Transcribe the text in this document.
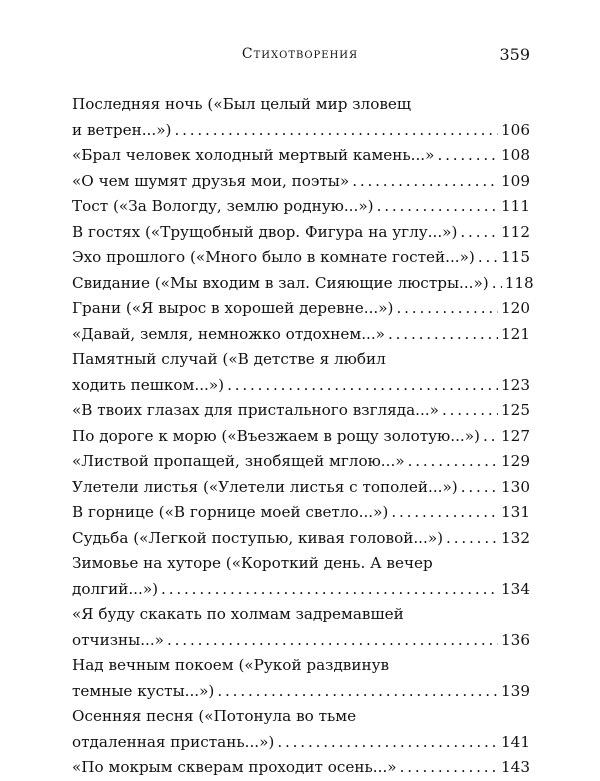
Стихотворения	359
Последняя ночь («Был целый мир зловещ
и ветрен...») . . .	106
«Брал человек холодный мертвый камень...» . . .	108
«О чем шумят друзья мои, поэты» . . .	109
Тост («За Вологду, землю родную...») . . .	111
В гостях («Трущобный двор. Фигура на углу...») . . .	112
Эхо прошлого («Много было в комнате гостей...») . . . 115
Свидание («Мы входим в зал. Сияющие люстры...») . . . 118
Грани («Я вырос в хорошей деревне...») . . .	120
«Давай, земля, немножко отдохнем...» . . .	121
Памятный случай («В детстве я любил
ходить пешком...») . . .	123
«В твоих глазах для пристального взгляда...» . . .	125
По дороге к морю («Въезжаем в рощу золотую...») . . . 127
«Листвой пропащей, знобящей мглою...» . . .	129
Улетели листья («Улетели листья с тополей...») . . .	130
В горнице («В горнице моей светло...») . . .	131
Судьба («Легкой поступью, кивая головой...») . . .	132
Зимовье на хуторе («Короткий день. А вечер
долгий...») . . .	134
«Я буду скакать по холмам задремавшей
отчизны...» . . .	136
Над вечным покоем («Рукой раздвинув
темные кусты...») . . .	139
Осенняя песня («Потонула во тьме
отдаленная пристань...») . . .	141
«По мокрым скверам проходит осень...» . . .	143
